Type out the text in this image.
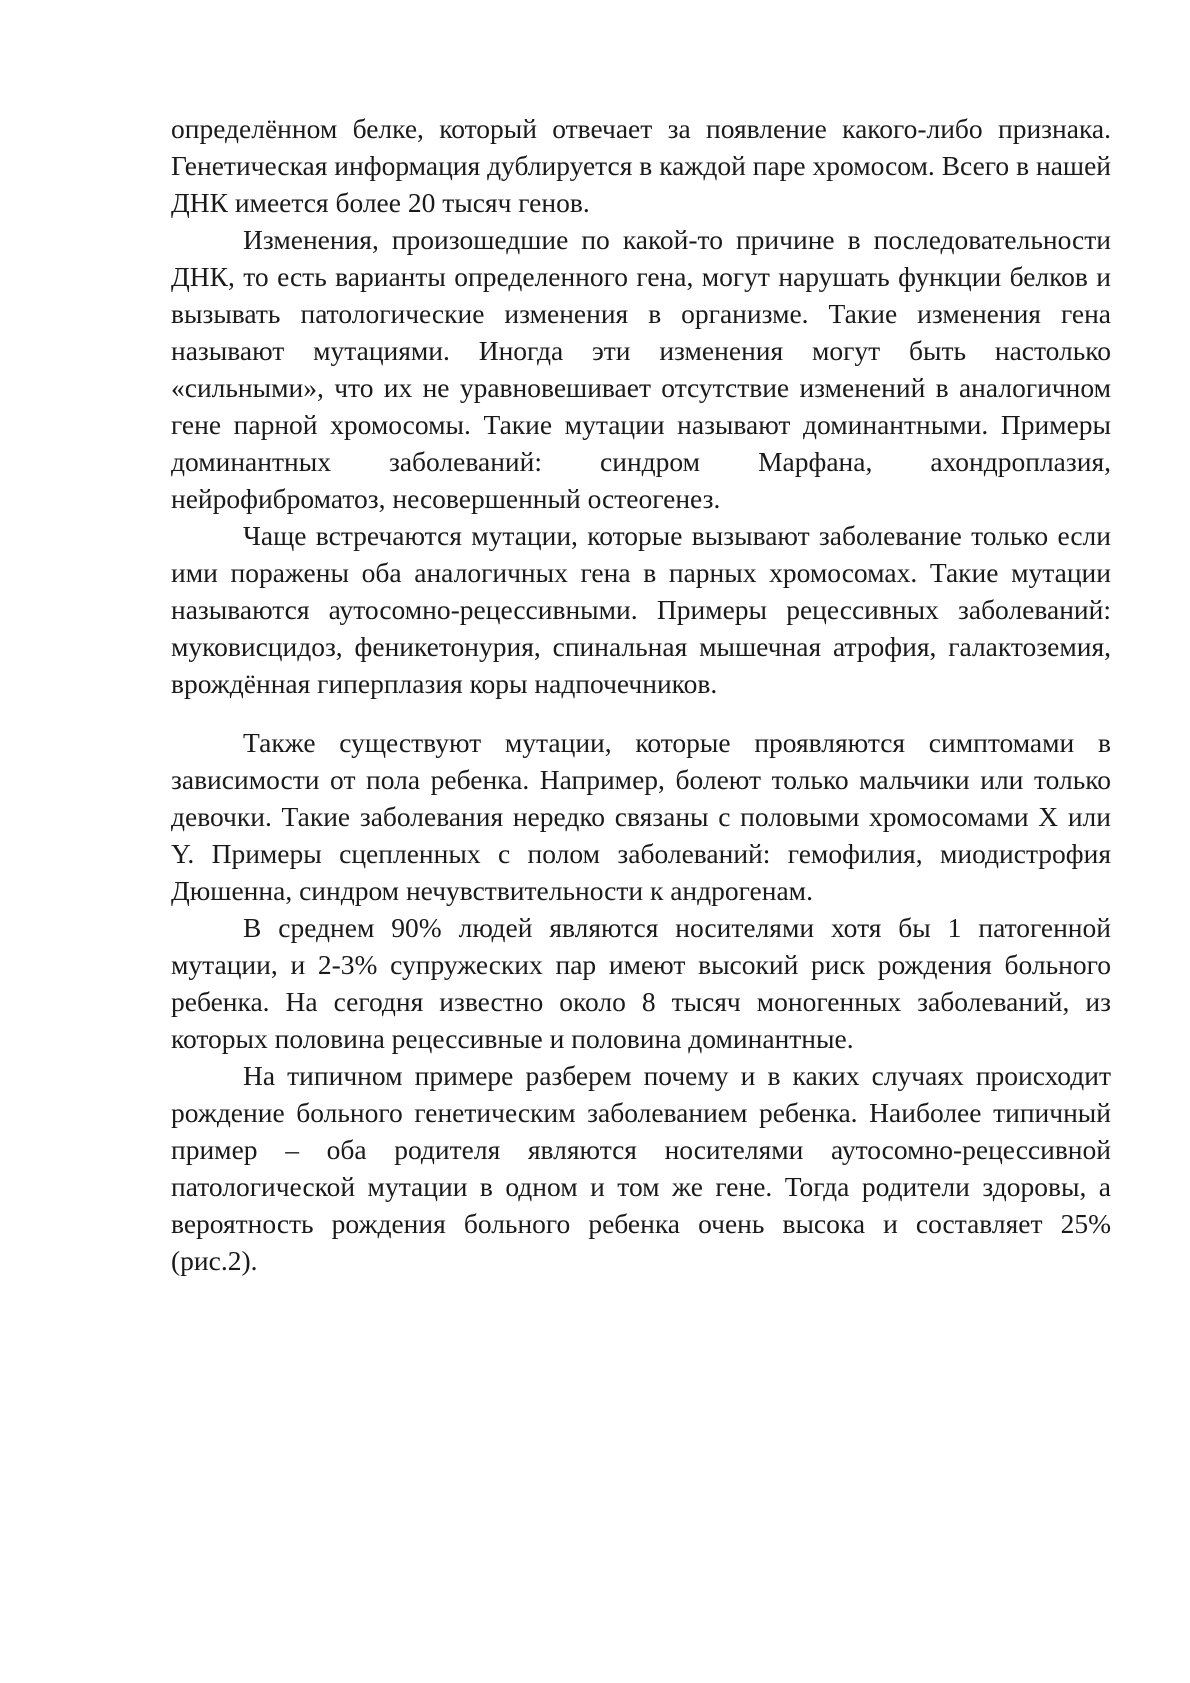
определённом белке, который отвечает за появление какого-либо признака. Генетическая информация дублируется в каждой паре хромосом. Всего в нашей ДНК имеется более 20 тысяч генов.

Изменения, произошедшие по какой-то причине в последовательности ДНК, то есть варианты определенного гена, могут нарушать функции белков и вызывать патологические изменения в организме. Такие изменения гена называют мутациями. Иногда эти изменения могут быть настолько «сильными», что их не уравновешивает отсутствие изменений в аналогичном гене парной хромосомы. Такие мутации называют доминантными. Примеры доминантных заболеваний: синдром Марфана, ахондроплазия, нейрофиброматоз, несовершенный остеогенез.

Чаще встречаются мутации, которые вызывают заболевание только если ими поражены оба аналогичных гена в парных хромосомах. Такие мутации называются аутосомно-рецессивными. Примеры рецессивных заболеваний: муковисцидоз, феникетонурия, спинальная мышечная атрофия, галактоземия, врождённая гиперплазия коры надпочечников.

Также существуют мутации, которые проявляются симптомами в зависимости от пола ребенка. Например, болеют только мальчики или только девочки. Такие заболевания нередко связаны с половыми хромосомами X или Y. Примеры сцепленных с полом заболеваний: гемофилия, миодистрофия Дюшенна, синдром нечувствительности к андрогенам.

В среднем 90% людей являются носителями хотя бы 1 патогенной мутации, и 2-3% супружеских пар имеют высокий риск рождения больного ребенка. На сегодня известно около 8 тысяч моногенных заболеваний, из которых половина рецессивные и половина доминантные.

На типичном примере разберем почему и в каких случаях происходит рождение больного генетическим заболеванием ребенка. Наиболее типичный пример – оба родителя являются носителями аутосомно-рецессивной патологической мутации в одном и том же гене. Тогда родители здоровы, а вероятность рождения больного ребенка очень высока и составляет 25% (рис.2).
